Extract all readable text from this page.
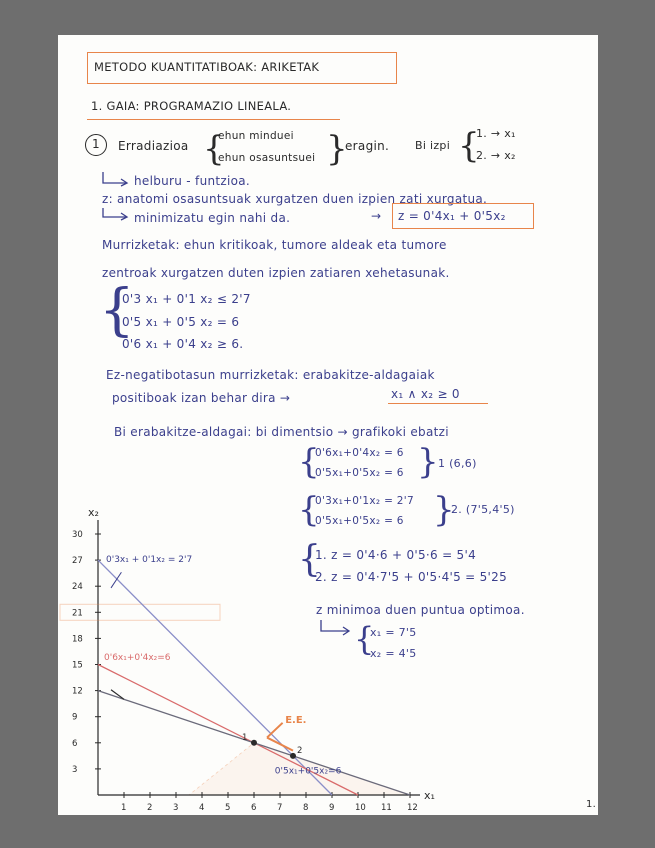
METODO KUANTITATIBOAK: ARIKETAK
1. GAIA: PROGRAMAZIO LINEALA.
1 Erradiazioa {
ehun minduei
ehun osasuntsuei }
eragin. Bi izpi {
1. → x₁
2. → x₂
helburu - funtzioa.
z: anatomi osasuntsuak xurgatzen duen izpien zati xurgatua.
minimizatu egin nahi da.	→ z = 0'4x₁ + 0'5x₂
Murrizketak: ehun kritikoak, tumore aldeak eta tumore
zentroak xurgatzen duten izpien zatiaren xehetasunak.
{
0'3 x₁ + 0'1 x₂ ≤ 2'7
0'5 x₁ + 0'5 x₂ = 6
0'6 x₁ + 0'4 x₂ ≥ 6.
Ez-negatibotasun murrizketak: erabakitze-aldagaiak
positiboak izan behar dira →	x₁ ∧ x₂ ≥ 0
Bi erabakitze-aldagai: bi dimentsio → grafikoki ebatzi
{
0'6x₁+0'4x₂ = 6
0'5x₁+0'5x₂ = 6 } 1 (6,6)
{
0'3x₁+0'1x₂ = 2'7
0'5x₁+0'5x₂ = 6 }
2. (7'5,4'5)
{
1. z = 0'4·6 + 0'5·6 = 5'4
2. z = 0'4·7'5 + 0'5·4'5 = 5'25
z minimoa duen puntua optimoa.
{
x₁ = 7'5
x₂ = 4'5
1.
x₁
x₂
1 2 3 4 5 6 7 8 9 10 11 12
3
6
9
12
15
18
21
24
27
30
0'3x₁ + 0'1x₂ = 2'7
0'6x₁+0'4x₂=6
0'5x₁+0'5x₂=6
1
2
E.E.
